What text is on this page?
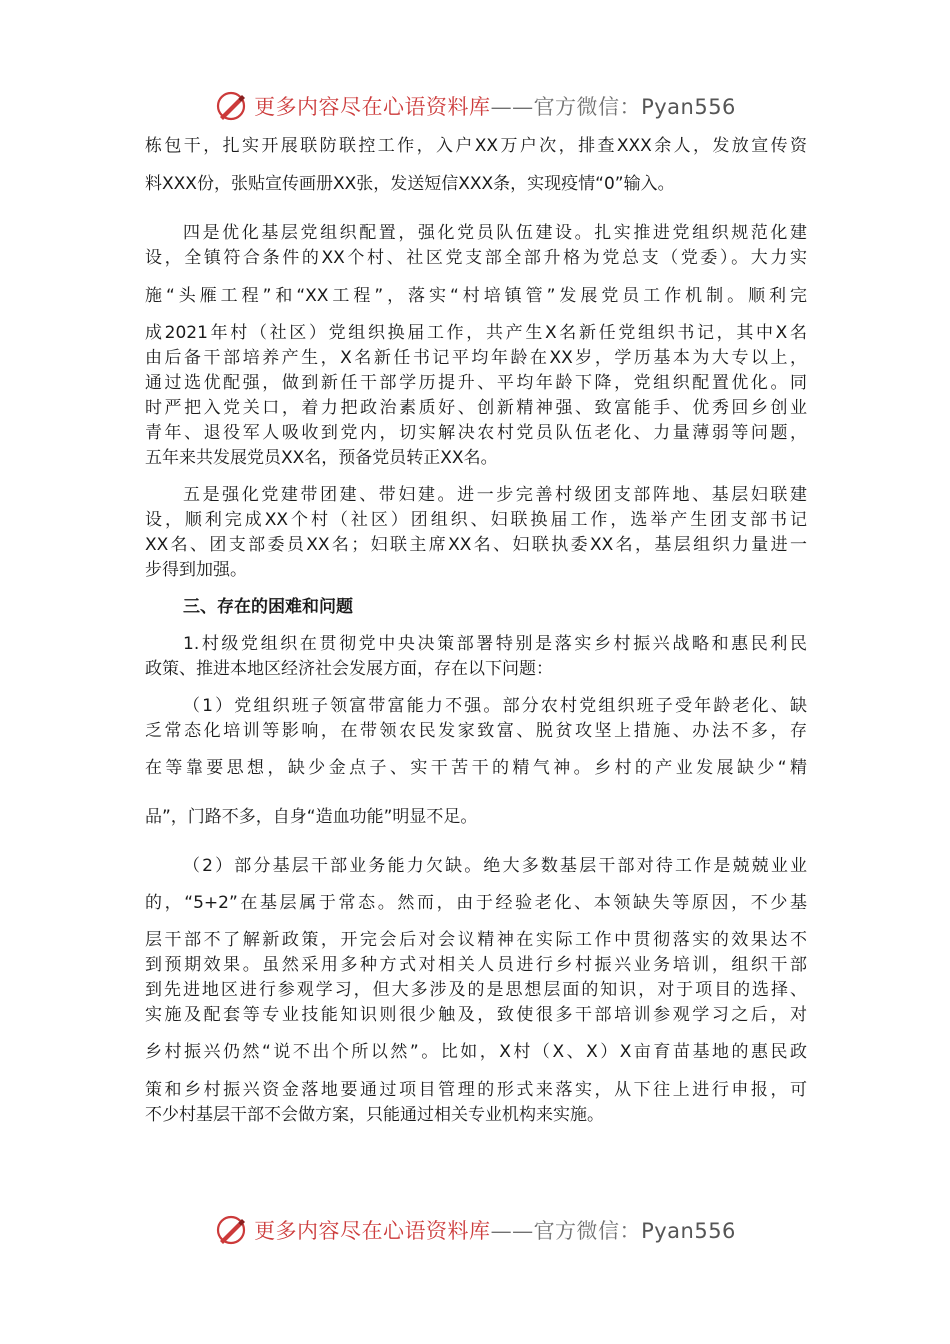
更多内容尽在心语资料库——官方微信：Pyan556
栋包干，扎实开展联防联控工作，入户XX万户次，排查XXX余人，发放宣传资
料XXX份，张贴宣传画册XX张，发送短信XXX条，实现疫情“0”输入。
四是优化基层党组织配置，强化党员队伍建设。扎实推进党组织规范化建
设，全镇符合条件的XX个村、社区党支部全部升格为党总支（党委）。大力实
施“头雁工程”和“XX工程”，落实“村培镇管”发展党员工作机制。顺利完
成2021年村（社区）党组织换届工作，共产生X名新任党组织书记，其中X名
由后备干部培养产生，X名新任书记平均年龄在XX岁，学历基本为大专以上，
通过选优配强，做到新任干部学历提升、平均年龄下降，党组织配置优化。同
时严把入党关口，着力把政治素质好、创新精神强、致富能手、优秀回乡创业
青年、退役军人吸收到党内，切实解决农村党员队伍老化、力量薄弱等问题，
五年来共发展党员XX名，预备党员转正XX名。
五是强化党建带团建、带妇建。进一步完善村级团支部阵地、基层妇联建
设，顺利完成XX个村（社区）团组织、妇联换届工作，选举产生团支部书记
XX名、团支部委员XX名；妇联主席XX名、妇联执委XX名，基层组织力量进一
步得到加强。
三、存在的困难和问题
1.村级党组织在贯彻党中央决策部署特别是落实乡村振兴战略和惠民利民
政策、推进本地区经济社会发展方面，存在以下问题：
（1）党组织班子领富带富能力不强。部分农村党组织班子受年龄老化、缺
乏常态化培训等影响，在带领农民发家致富、脱贫攻坚上措施、办法不多，存
在等靠要思想，缺少金点子、实干苦干的精气神。乡村的产业发展缺少“精
品”，门路不多，自身“造血功能”明显不足。
（2）部分基层干部业务能力欠缺。绝大多数基层干部对待工作是兢兢业业
的，“5+2”在基层属于常态。然而，由于经验老化、本领缺失等原因，不少基
层干部不了解新政策，开完会后对会议精神在实际工作中贯彻落实的效果达不
到预期效果。虽然采用多种方式对相关人员进行乡村振兴业务培训，组织干部
到先进地区进行参观学习，但大多涉及的是思想层面的知识，对于项目的选择、
实施及配套等专业技能知识则很少触及，致使很多干部培训参观学习之后，对
乡村振兴仍然“说不出个所以然”。比如，X村（X、X）X亩育苗基地的惠民政
策和乡村振兴资金落地要通过项目管理的形式来落实，从下往上进行申报，可
不少村基层干部不会做方案，只能通过相关专业机构来实施。
更多内容尽在心语资料库——官方微信：Pyan556
